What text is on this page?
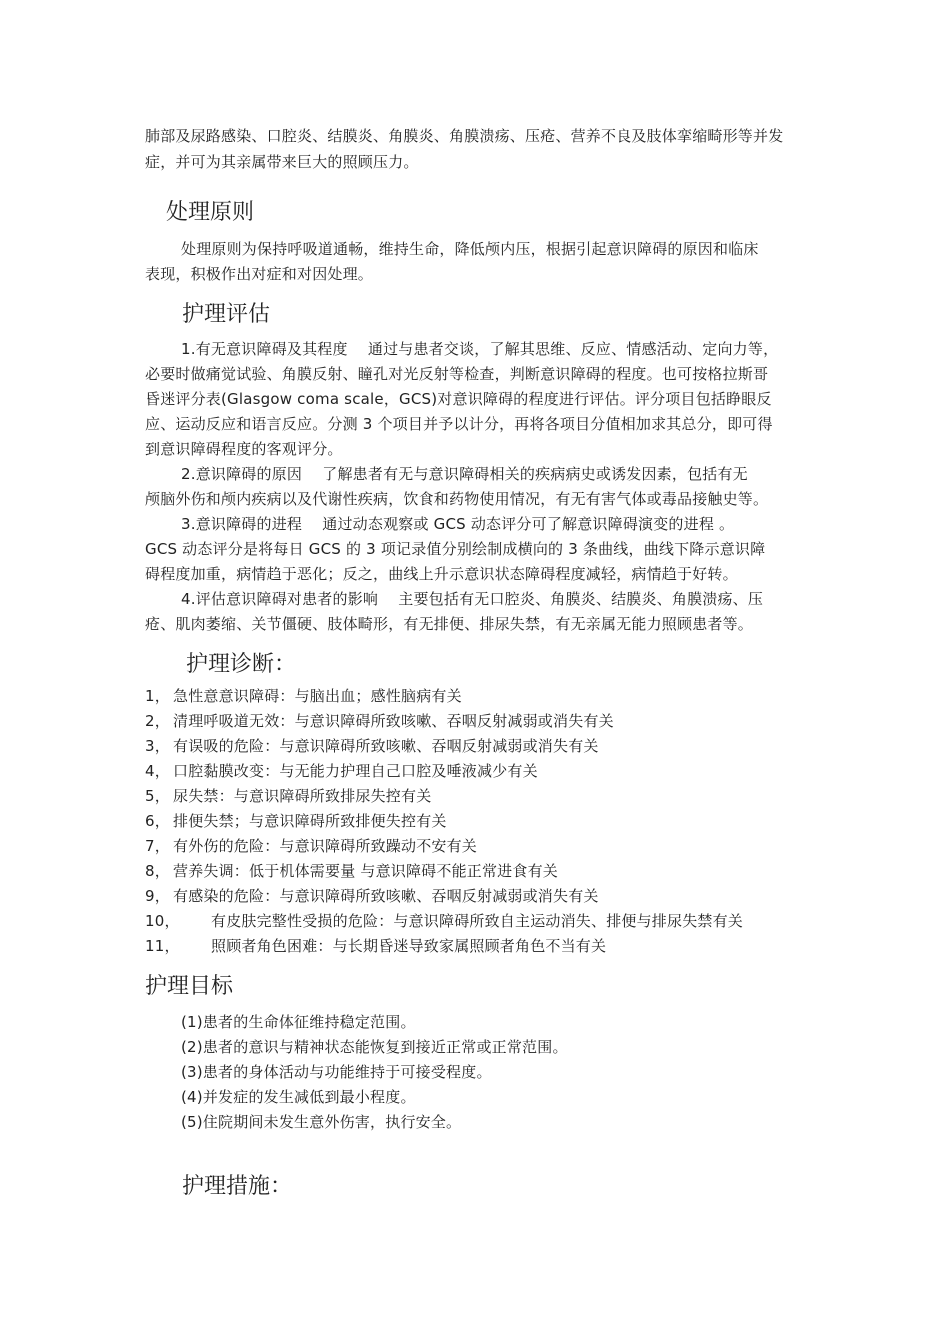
肺部及尿路感染、口腔炎、结膜炎、角膜炎、角膜溃疡、压疮、营养不良及肢体挛缩畸形等并发
症，并可为其亲属带来巨大的照顾压力。
处理原则
处理原则为保持呼吸道通畅，维持生命，降低颅内压，根据引起意识障碍的原因和临床
表现，积极作出对症和对因处理。
护理评估
1.有无意识障碍及其程度　 通过与患者交谈，了解其思维、反应、情感活动、定向力等，
必要时做痛觉试验、角膜反射、瞳孔对光反射等检查，判断意识障碍的程度。也可按格拉斯哥
昏迷评分表(Glasgow coma scale，GCS)对意识障碍的程度进行评估。评分项目包括睁眼反
应、运动反应和语言反应。分测 3 个项目并予以计分，再将各项目分值相加求其总分，即可得
到意识障碍程度的客观评分。
2.意识障碍的原因　 了解患者有无与意识障碍相关的疾病病史或诱发因素，包括有无
颅脑外伤和颅内疾病以及代谢性疾病，饮食和药物使用情况，有无有害气体或毒品接触史等。
3.意识障碍的进程　 通过动态观察或 GCS 动态评分可了解意识障碍演变的进程 。
GCS 动态评分是将每日 GCS 的 3 项记录值分别绘制成横向的 3 条曲线，曲线下降示意识障
碍程度加重，病情趋于恶化；反之，曲线上升示意识状态障碍程度减轻，病情趋于好转。
4.评估意识障碍对患者的影响　 主要包括有无口腔炎、角膜炎、结膜炎、角膜溃疡、压
疮、肌肉萎缩、关节僵硬、肢体畸形，有无排便、排尿失禁，有无亲属无能力照顾患者等。
护理诊断：
1， 急性意意识障碍：与脑出血；感性脑病有关
2， 清理呼吸道无效：与意识障碍所致咳嗽、吞咽反射减弱或消失有关
3， 有误吸的危险：与意识障碍所致咳嗽、吞咽反射减弱或消失有关
4， 口腔黏膜改变：与无能力护理自己口腔及唾液减少有关
5， 尿失禁：与意识障碍所致排尿失控有关
6， 排便失禁；与意识障碍所致排便失控有关
7， 有外伤的危险：与意识障碍所致躁动不安有关
8， 营养失调：低于机体需要量 与意识障碍不能正常进食有关
9， 有感染的危险：与意识障碍所致咳嗽、吞咽反射减弱或消失有关
10， 有皮肤完整性受损的危险：与意识障碍所致自主运动消失、排便与排尿失禁有关
11， 照顾者角色困难：与长期昏迷导致家属照顾者角色不当有关
护理目标
(1)患者的生命体征维持稳定范围。
(2)患者的意识与精神状态能恢复到接近正常或正常范围。
(3)患者的身体活动与功能维持于可接受程度。
(4)并发症的发生减低到最小程度。
(5)住院期间未发生意外伤害，执行安全。
护理措施：
